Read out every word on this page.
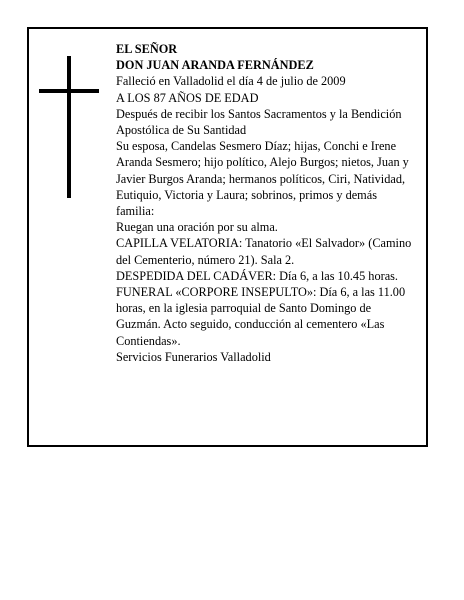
EL SEÑOR

DON JUAN ARANDA FERNÁNDEZ

Falleció en Valladolid el día 4 de julio de 2009

A LOS 87 AÑOS DE EDAD

Después de recibir los Santos Sacramentos y la Bendición Apostólica de Su Santidad

Su esposa, Candelas Sesmero Díaz; hijas, Conchi e Irene Aranda Sesmero; hijo político, Alejo Burgos; nietos, Juan y Javier Burgos Aranda; hermanos políticos, Ciri, Natividad, Eutiquio, Victoria y Laura; sobrinos, primos y demás familia:

Ruegan una oración por su alma.

CAPILLA VELATORIA: Tanatorio «El Salvador» (Camino del Cementerio, número 21). Sala 2.

DESPEDIDA DEL CADÁVER: Día 6, a las 10.45 horas.

FUNERAL «CORPORE INSEPULTO»: Día 6, a las 11.00 horas, en la iglesia parroquial de Santo Domingo de Guzmán. Acto seguido, conducción al cementero «Las Contiendas».

Servicios Funerarios Valladolid
